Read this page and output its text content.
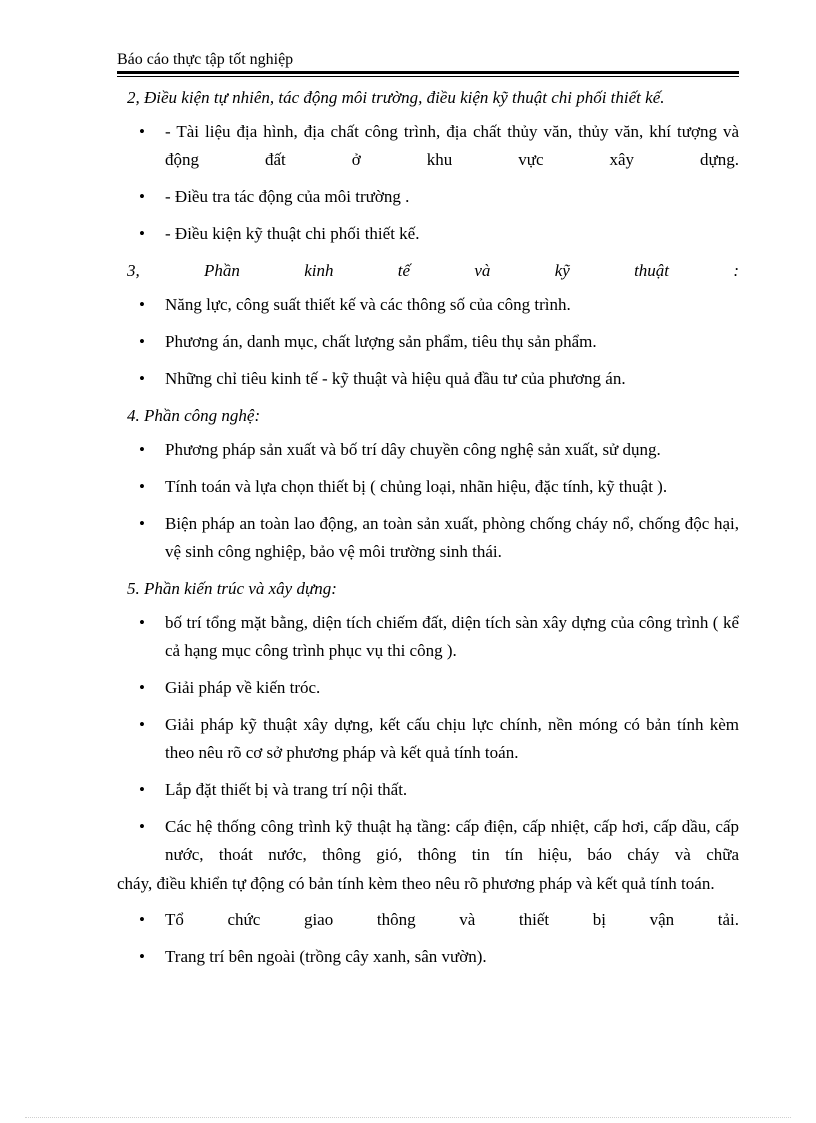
Báo cáo thực tập tốt nghiệp

2, Điều kiện tự nhiên, tác động môi trường, điều kiện kỹ thuật chi phối thiết kế.

• - Tài liệu địa hình, địa chất công trình, địa chất thủy văn, thủy văn, khí tượng và động đất ở khu vực xây dựng.
• - Điều tra tác động của môi trường .
• - Điều kiện kỹ thuật chi phối thiết kế.

3, Phần kinh tế và kỹ thuật :

• Năng lực, công suất thiết kế và các thông số của công trình.
• Phương án, danh mục, chất lượng sản phẩm, tiêu thụ sản phẩm.
• Những chỉ tiêu kinh tế - kỹ thuật và hiệu quả đầu tư của phương án.

4. Phần công nghệ:

• Phương pháp sản xuất và bố trí dây chuyền công nghệ sản xuất, sử dụng.
• Tính toán và lựa chọn thiết bị ( chủng loại, nhãn hiệu, đặc tính, kỹ thuật ).
• Biện pháp an toàn lao động, an toàn sản xuất, phòng chống cháy nổ, chống độc hại, vệ sinh công nghiệp, bảo vệ môi trường sinh thái.

5. Phần kiến trúc và xây dựng:

• bố trí tổng mặt bằng, diện tích chiếm đất, diện tích sàn xây dựng của công trình ( kể cả hạng mục công trình phục vụ thi công ).
• Giải pháp về kiến tróc.
• Giải pháp kỹ thuật xây dựng, kết cấu chịu lực chính, nền móng có bản tính kèm theo nêu rõ cơ sở phương pháp và kết quả tính toán.
• Lắp đặt thiết bị và trang trí nội thất.
• Các hệ thống công trình kỹ thuật hạ tầng: cấp điện, cấp nhiệt, cấp hơi, cấp dầu, cấp nước, thoát nước, thông gió, thông tin tín hiệu, báo cháy và chữa

cháy, điều khiển tự động có bản tính kèm theo nêu rõ phương pháp và kết quả tính toán.

• Tổ chức giao thông và thiết bị vận tải.
• Trang trí bên ngoài (trồng cây xanh, sân vườn).
